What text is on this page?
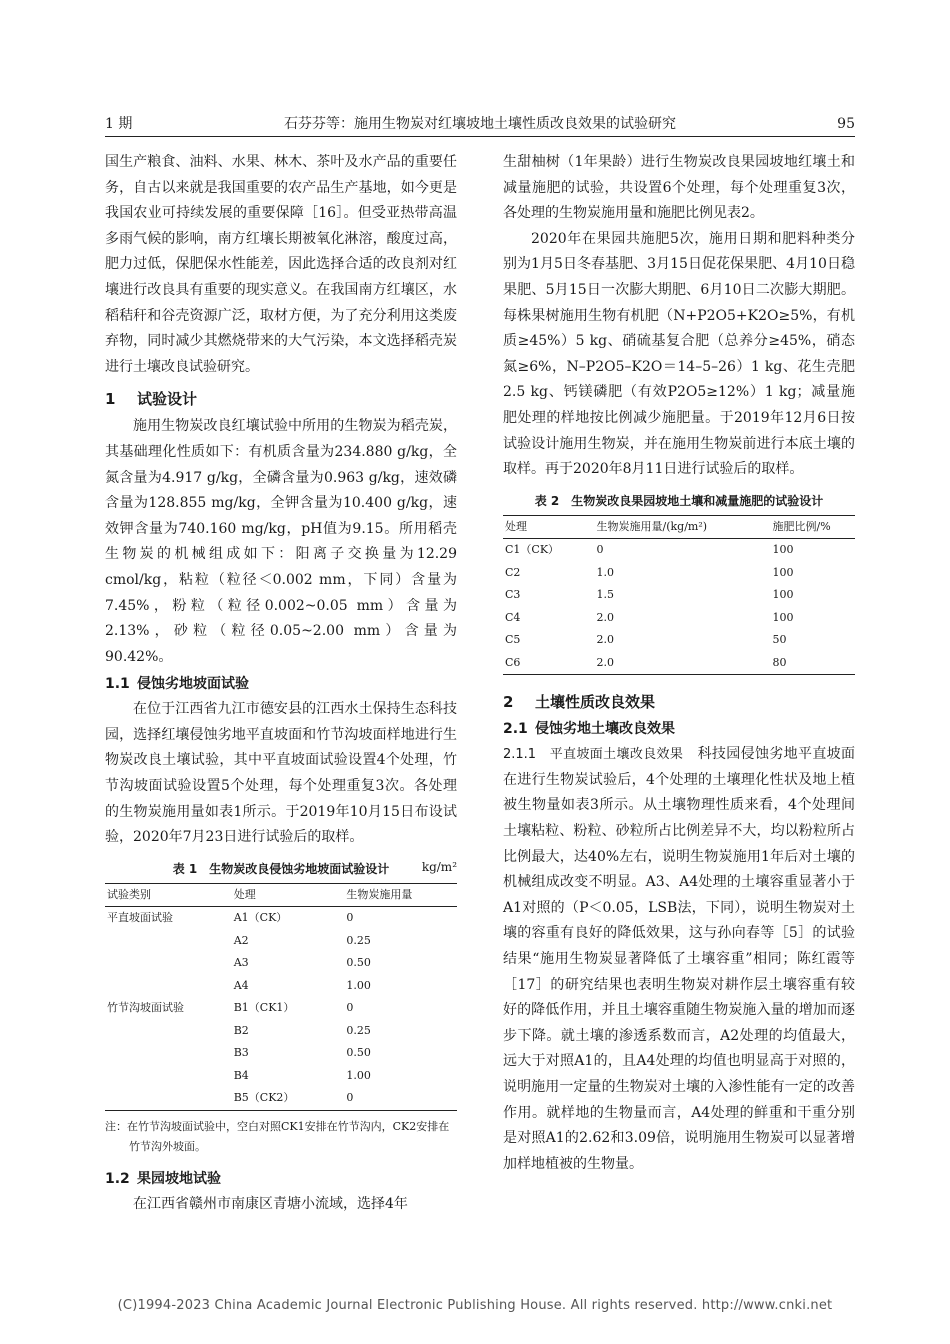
1 期	石芬芬等：施用生物炭对红壤坡地土壤性质改良效果的试验研究	95

国生产粮食、油料、水果、林木、茶叶及水产品的重要任务，自古以来就是我国重要的农产品生产基地，如今更是我国农业可持续发展的重要保障［16］。但受亚热带高温多雨气候的影响，南方红壤长期被氧化淋溶，酸度过高，肥力过低，保肥保水性能差，因此选择合适的改良剂对红壤进行改良具有重要的现实意义。在我国南方红壤区，水稻秸秆和谷壳资源广泛，取材方便，为了充分利用这类废弃物，同时减少其燃烧带来的大气污染，本文选择稻壳炭进行土壤改良试验研究。

1 试验设计

施用生物炭改良红壤试验中所用的生物炭为稻壳炭，其基础理化性质如下：有机质含量为234.880 g/kg，全氮含量为4.917 g/kg，全磷含量为0.963 g/kg，速效磷含量为128.855 mg/kg，全钾含量为10.400 g/kg，速效钾含量为740.160 mg/kg，pH值为9.15。所用稻壳生物炭的机械组成如下：阳离子交换量为12.29 cmol/kg，粘粒（粒径＜0.002 mm，下同）含量为7.45%，粉粒（粒径0.002~0.05 mm）含量为2.13%，砂粒（粒径0.05~2.00 mm）含量为90.42%。

1.1 侵蚀劣地坡面试验

在位于江西省九江市德安县的江西水土保持生态科技园，选择红壤侵蚀劣地平直坡面和竹节沟坡面样地进行生物炭改良土壤试验，其中平直坡面试验设置4个处理，竹节沟坡面试验设置5个处理，每个处理重复3次。各处理的生物炭施用量如表1所示。于2019年10月15日布设试验，2020年7月23日进行试验后的取样。

表 1　生物炭改良侵蚀劣地坡面试验设计	kg/m²
试验类别	处理	生物炭施用量
平直坡面试验	A1（CK）	0
	A2	0.25
	A3	0.50
	A4	1.00
竹节沟坡面试验	B1（CK1）	0
	B2	0.25
	B3	0.50
	B4	1.00
	B5（CK2）	0
注：在竹节沟坡面试验中，空白对照CK1安排在竹节沟内，CK2安排在竹节沟外坡面。
1.2 果园坡地试验

在江西省赣州市南康区青塘小流域，选择4年

生甜柚树（1年果龄）进行生物炭改良果园坡地红壤土和减量施肥的试验，共设置6个处理，每个处理重复3次，各处理的生物炭施用量和施肥比例见表2。

2020年在果园共施肥5次，施用日期和肥料种类分别为1月5日冬春基肥、3月15日促花保果肥、4月10日稳果肥、5月15日一次膨大期肥、6月10日二次膨大期肥。每株果树施用生物有机肥（N+P2O5+K2O≥5%，有机质≥45%）5 kg、硝硫基复合肥（总养分≥45%，硝态氮≥6%，N–P2O5–K2O＝14–5–26）1 kg、花生壳肥2.5 kg、钙镁磷肥（有效P2O5≥12%）1 kg；减量施肥处理的样地按比例减少施肥量。于2019年12月6日按试验设计施用生物炭，并在施用生物炭前进行本底土壤的取样。再于2020年8月11日进行试验后的取样。

表 2　生物炭改良果园坡地土壤和减量施肥的试验设计
处理	生物炭施用量/(kg/m²)	施肥比例/%
C1（CK）	0	100
C2	1.0	100
C3	1.5	100
C4	2.0	100
C5	2.0	50
C6	2.0	80
2 土壤性质改良效果
2.1 侵蚀劣地土壤改良效果

2.1.1　平直坡面土壤改良效果　 科技园侵蚀劣地平直坡面在进行生物炭试验后，4个处理的土壤理化性状及地上植被生物量如表3所示。从土壤物理性质来看，4个处理间土壤粘粒、粉粒、砂粒所占比例差异不大，均以粉粒所占比例最大，达40%左右，说明生物炭施用1年后对土壤的机械组成改变不明显。A3、A4处理的土壤容重显著小于A1对照的（P＜0.05，LSB法，下同），说明生物炭对土壤的容重有良好的降低效果，这与孙向春等［5］的试验结果“施用生物炭显著降低了土壤容重”相同；陈红霞等［17］的研究结果也表明生物炭对耕作层土壤容重有较好的降低作用，并且土壤容重随生物炭施入量的增加而逐步下降。就土壤的渗透系数而言，A2处理的均值最大，远大于对照A1的，且A4处理的均值也明显高于对照的，说明施用一定量的生物炭对土壤的入渗性能有一定的改善作用。就样地的生物量而言，A4处理的鲜重和干重分别是对照A1的2.62和3.09倍，说明施用生物炭可以显著增加样地植被的生物量。

(C)1994-2023 China Academic Journal Electronic Publishing House. All rights reserved. http://www.cnki.net
